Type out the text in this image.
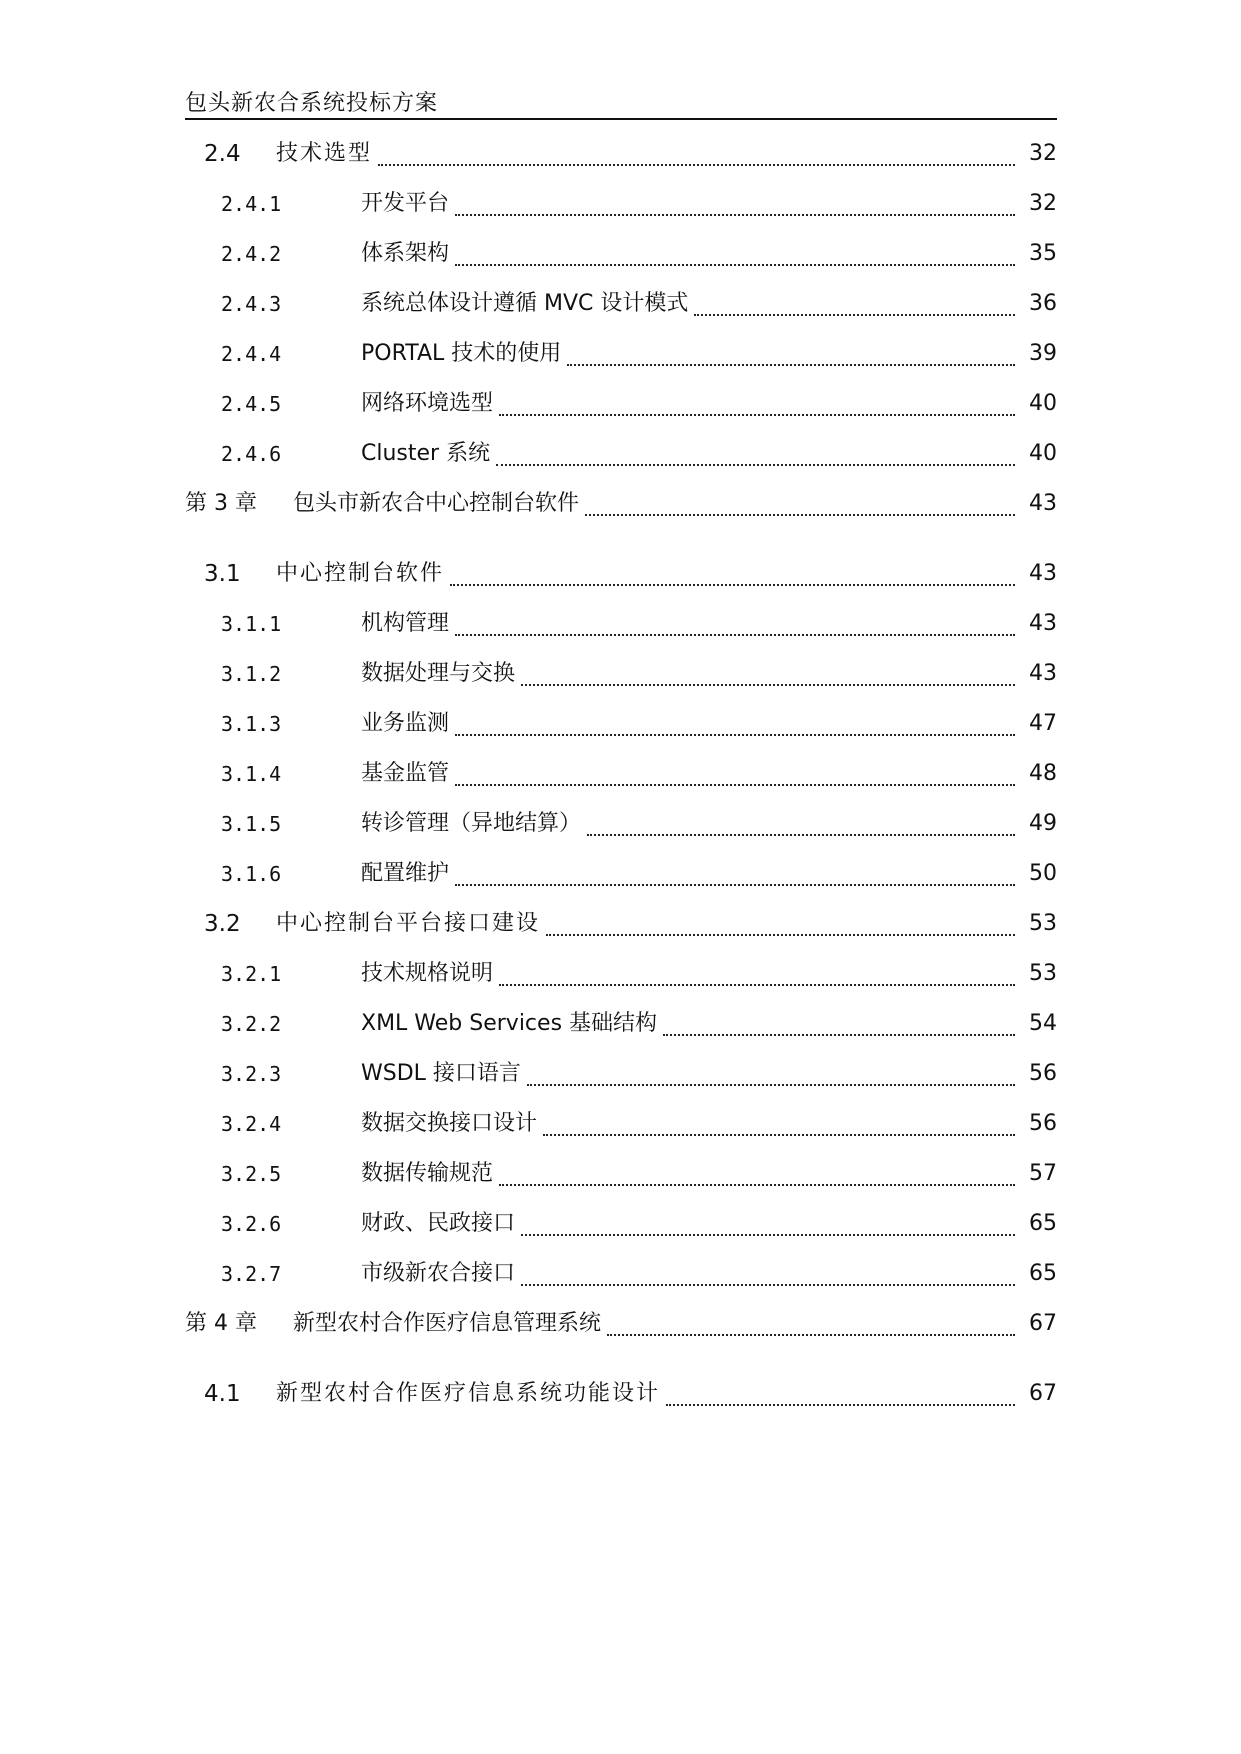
包头新农合系统投标方案
2.4 技术选型	32
2.4.1	开发平台	32
2.4.2	体系架构	35
2.4.3	系统总体设计遵循 MVC 设计模式	36
2.4.4	PORTAL 技术的使用	39
2.4.5	网络环境选型	40
2.4.6	Cluster 系统	40
第 3 章 包头市新农合中心控制台软件	43
3.1 中心控制台软件	43
3.1.1	机构管理	43
3.1.2	数据处理与交换	43
3.1.3	业务监测	47
3.1.4	基金监管	48
3.1.5	转诊管理（异地结算）	49
3.1.6	配置维护	50
3.2 中心控制台平台接口建设	53
3.2.1	技术规格说明	53
3.2.2	XML Web Services 基础结构	54
3.2.3	WSDL 接口语言	56
3.2.4	数据交换接口设计	56
3.2.5	数据传输规范	57
3.2.6	财政、民政接口	65
3.2.7	市级新农合接口	65
第 4 章 新型农村合作医疗信息管理系统	67
4.1 新型农村合作医疗信息系统功能设计	67
